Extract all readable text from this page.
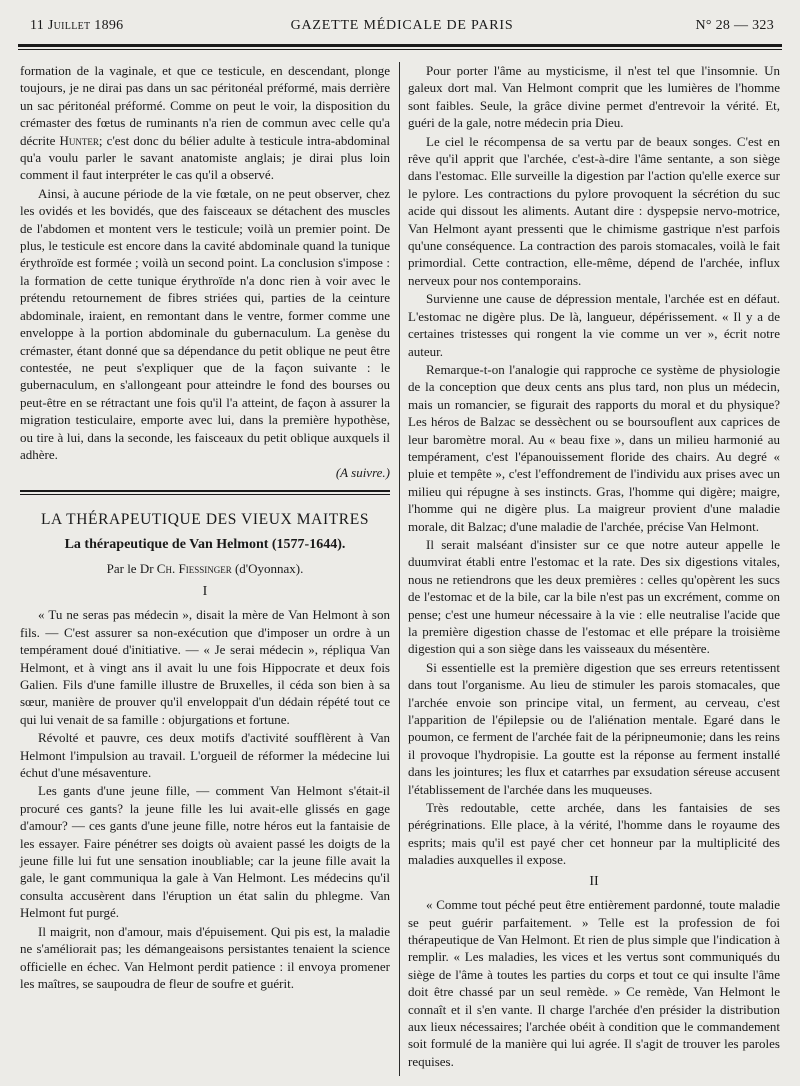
11 Juillet 1896	GAZETTE MÉDICALE DE PARIS	N° 28 — 323

formation de la vaginale, et que ce testicule, en descendant, plonge toujours, je ne dirai pas dans un sac péritonéal préformé, mais derrière un sac péritonéal préformé. Comme on peut le voir, la disposition du crémaster des fœtus de ruminants n'a rien de commun avec celle qu'a décrite Hunter; c'est donc du bélier adulte à testicule intra-abdominal qu'a voulu parler le savant anatomiste anglais; je dirai plus loin comment il faut interpréter le cas qu'il a observé.

Ainsi, à aucune période de la vie fœtale, on ne peut observer, chez les ovidés et les bovidés, que des faisceaux se détachent des muscles de l'abdomen et montent vers le testicule; voilà un premier point. De plus, le testicule est encore dans la cavité abdominale quand la tunique érythroïde est formée ; voilà un second point. La conclusion s'impose : la formation de cette tunique érythroïde n'a donc rien à voir avec le prétendu retournement de fibres striées qui, parties de la ceinture abdominale, iraient, en remontant dans le ventre, former comme une enveloppe à la portion abdominale du gubernaculum. La genèse du crémaster, étant donné que sa dépendance du petit oblique ne peut être contestée, ne peut s'expliquer que de la façon suivante : le gubernaculum, en s'allongeant pour atteindre le fond des bourses ou peut-être en se rétractant une fois qu'il l'a atteint, de façon à assurer la migration testiculaire, emporte avec lui, dans la première hypothèse, ou tire à lui, dans la seconde, les faisceaux du petit oblique auxquels il adhère.

(A suivre.)

LA THÉRAPEUTIQUE DES VIEUX MAITRES
La thérapeutique de Van Helmont (1577-1644).
Par le Dr Ch. Fiessinger (d'Oyonnax).
I

« Tu ne seras pas médecin », disait la mère de Van Helmont à son fils. — C'est assurer sa non-exécution que d'imposer un ordre à un tempérament doué d'initiative. — « Je serai médecin », répliqua Van Helmont, et à vingt ans il avait lu une fois Hippocrate et deux fois Galien. Fils d'une famille illustre de Bruxelles, il céda son bien à sa sœur, manière de prouver qu'il enveloppait d'un dédain répété tout ce qui lui venait de sa famille : objurgations et fortune.

Révolté et pauvre, ces deux motifs d'activité soufflèrent à Van Helmont l'impulsion au travail. L'orgueil de réformer la médecine lui échut d'une mésaventure.

Les gants d'une jeune fille, — comment Van Helmont s'était-il procuré ces gants? la jeune fille les lui avait-elle glissés en gage d'amour? — ces gants d'une jeune fille, notre héros eut la fantaisie de les essayer. Faire pénétrer ses doigts où avaient passé les doigts de la jeune fille lui fut une sensation inoubliable; car la jeune fille avait la gale, le gant communiqua la gale à Van Helmont. Les médecins qu'il consulta accusèrent dans l'éruption un état salin du phlegme. Van Helmont fut purgé.

Il maigrit, non d'amour, mais d'épuisement. Qui pis est, la maladie ne s'améliorait pas; les démangeaisons persistantes tenaient la science officielle en échec. Van Helmont perdit patience : il envoya promener les maîtres, se saupoudra de fleur de soufre et guérit.

Pour porter l'âme au mysticisme, il n'est tel que l'insomnie. Un galeux dort mal. Van Helmont comprit que les lumières de l'homme sont faibles. Seule, la grâce divine permet d'entrevoir la vérité. Et, guéri de la gale, notre médecin pria Dieu.

Le ciel le récompensa de sa vertu par de beaux songes. C'est en rêve qu'il apprit que l'archée, c'est-à-dire l'âme sentante, a son siège dans l'estomac. Elle surveille la digestion par l'action qu'elle exerce sur le pylore. Les contractions du pylore provoquent la sécrétion du suc acide qui dissout les aliments. Autant dire : dyspepsie nervo-motrice, Van Helmont ayant pressenti que le chimisme gastrique n'est parfois qu'une conséquence. La contraction des parois stomacales, voilà le fait primordial. Cette contraction, elle-même, dépend de l'archée, influx nerveux pour nos contemporains.

Survienne une cause de dépression mentale, l'archée est en défaut. L'estomac ne digère plus. De là, langueur, dépérissement. « Il y a de certaines tristesses qui rongent la vie comme un ver », écrit notre auteur.

Remarque-t-on l'analogie qui rapproche ce système de physiologie de la conception que deux cents ans plus tard, non plus un médecin, mais un romancier, se figurait des rapports du moral et du physique? Les héros de Balzac se dessèchent ou se boursouflent aux caprices de leur baromètre moral. Au « beau fixe », dans un milieu harmonié au tempérament, c'est l'épanouissement floride des chairs. Au degré « pluie et tempête », c'est l'effondrement de l'individu aux prises avec un milieu qui répugne à ses instincts. Gras, l'homme qui digère; maigre, l'homme qui ne digère plus. La maigreur provient d'une maladie morale, dit Balzac; d'une maladie de l'archée, précise Van Helmont.

Il serait malséant d'insister sur ce que notre auteur appelle le duumvirat établi entre l'estomac et la rate. Des six digestions vitales, nous ne retiendrons que les deux premières : celles qu'opèrent les sucs de l'estomac et de la bile, car la bile n'est pas un excrément, comme on pense; c'est une humeur nécessaire à la vie : elle neutralise l'acide que la première digestion chasse de l'estomac et elle prépare la troisième digestion qui a son siège dans les vaisseaux du mésentère.

Si essentielle est la première digestion que ses erreurs retentissent dans tout l'organisme. Au lieu de stimuler les parois stomacales, que l'archée envoie son principe vital, un ferment, au cerveau, c'est l'apparition de l'épilepsie ou de l'aliénation mentale. Egaré dans le poumon, ce ferment de l'archée fait de la péripneumonie; dans les reins il provoque l'hydropisie. La goutte est la réponse au ferment installé dans les jointures; les flux et catarrhes par exsudation séreuse accusent l'établissement de l'archée dans les muqueuses.

Très redoutable, cette archée, dans les fantaisies de ses pérégrinations. Elle place, à la vérité, l'homme dans le royaume des esprits; mais qu'il est payé cher cet honneur par la multiplicité des maladies auxquelles il expose.

II

« Comme tout péché peut être entièrement pardonné, toute maladie se peut guérir parfaitement. » Telle est la profession de foi thérapeutique de Van Helmont. Et rien de plus simple que l'indication à remplir. « Les maladies, les vices et les vertus sont communiqués du siège de l'âme à toutes les parties du corps et tout ce qui insulte l'âme doit être chassé par un seul remède. » Ce remède, Van Helmont le connaît et il s'en vante. Il charge l'archée d'en présider la distribution aux lieux nécessaires; l'archée obéit à condition que le commandement soit formulé de la manière qui lui agrée. Il s'agit de trouver les paroles requises.
